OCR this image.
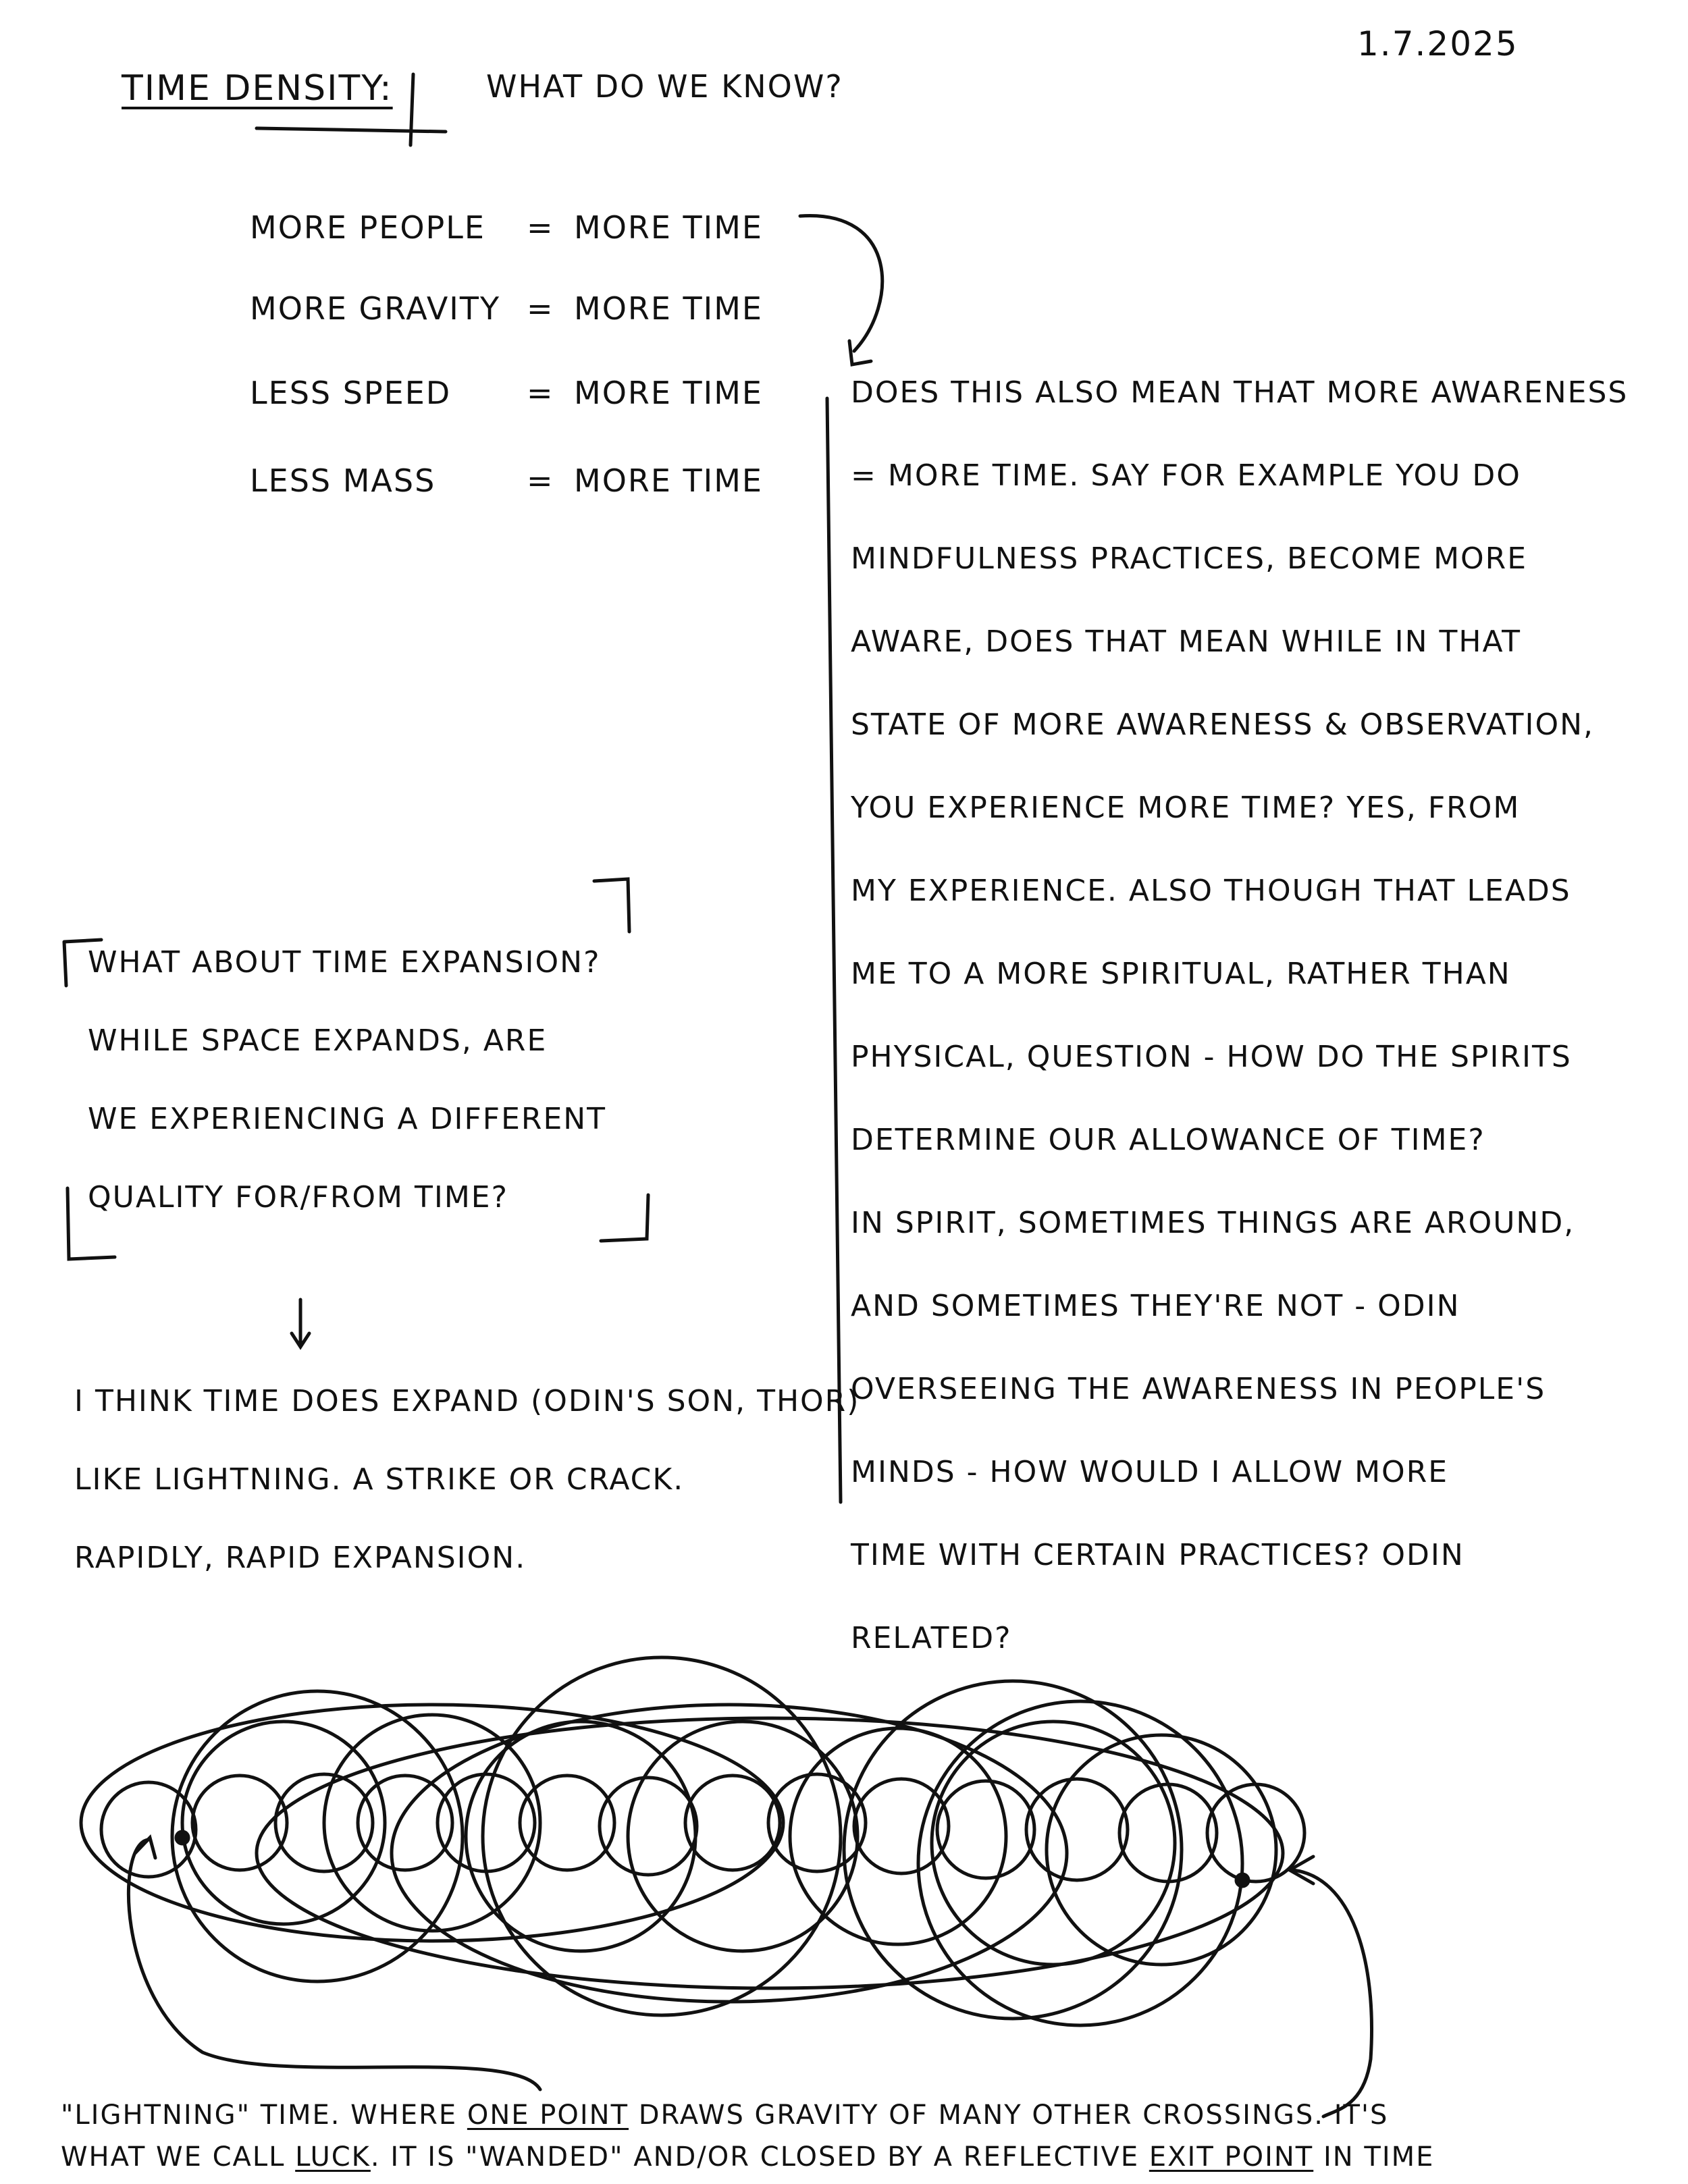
1.7.2025
TIME DENSITY:	WHAT DO WE KNOW?
MORE PEOPLE = MORE TIME
MORE GRAVITY = MORE TIME
LESS SPEED = MORE TIME
LESS MASS	= MORE TIME
DOES THIS ALSO MEAN THAT MORE AWARENESS
= MORE TIME. SAY FOR EXAMPLE YOU DO
MINDFULNESS PRACTICES, BECOME MORE
AWARE, DOES THAT MEAN WHILE IN THAT
STATE OF MORE AWARENESS & OBSERVATION,
YOU EXPERIENCE MORE TIME? YES, FROM
MY EXPERIENCE. ALSO THOUGH THAT LEADS
ME TO A MORE SPIRITUAL, RATHER THAN
PHYSICAL, QUESTION - HOW DO THE SPIRITS
DETERMINE OUR ALLOWANCE OF TIME?
IN SPIRIT, SOMETIMES THINGS ARE AROUND,
AND SOMETIMES THEY'RE NOT - ODIN
OVERSEEING THE AWARENESS IN PEOPLE'S
MINDS - HOW WOULD I ALLOW MORE
TIME WITH CERTAIN PRACTICES? ODIN
RELATED?
WHAT ABOUT TIME EXPANSION?
WHILE SPACE EXPANDS, ARE
WE EXPERIENCING A DIFFERENT
QUALITY FOR/FROM TIME?
I THINK TIME DOES EXPAND (ODIN'S SON, THOR)
LIKE LIGHTNING. A STRIKE OR CRACK.
RAPIDLY, RAPID EXPANSION.
"LIGHTNING" TIME. WHERE ONE POINT DRAWS GRAVITY OF MANY OTHER CROSSINGS. IT'S
WHAT WE CALL LUCK. IT IS "WANDED" AND/OR CLOSED BY A REFLECTIVE EXIT POINT IN TIME
